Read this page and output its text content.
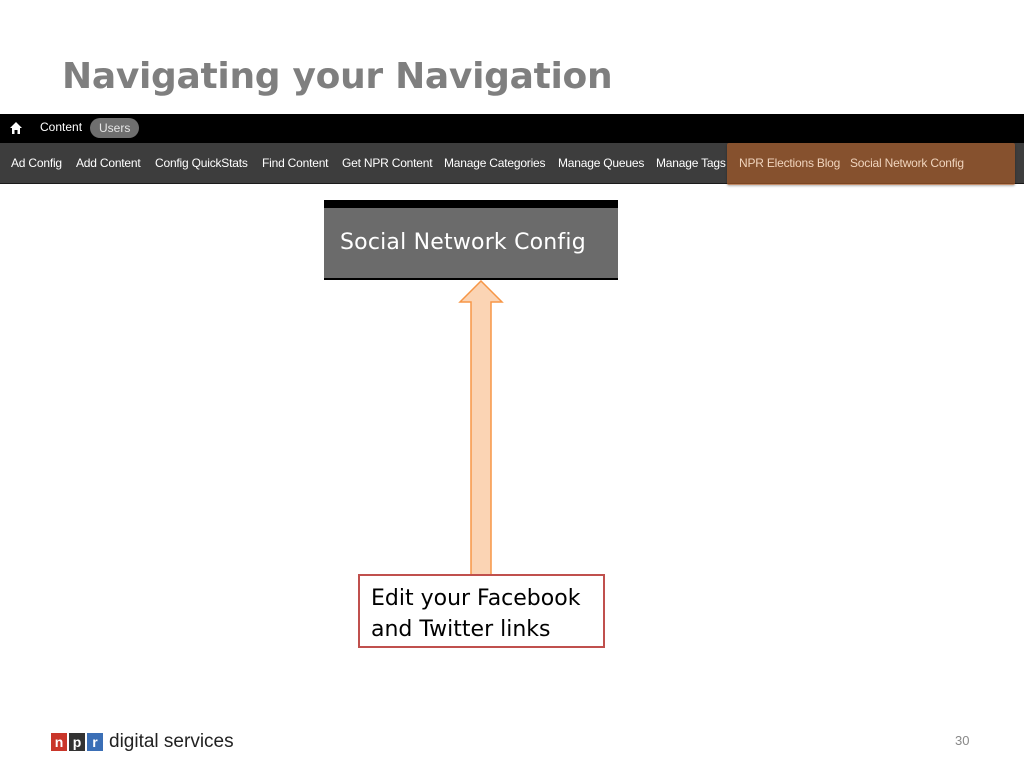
Navigating your Navigation
Content	Users
Ad Config Add Content Config QuickStats Find Content Get NPR Content Manage Categories Manage Queues Manage Tags NPR Elections Blog Social Network Config
Social Network Config
Edit your Facebook
and Twitter links
n p r digital services	30
